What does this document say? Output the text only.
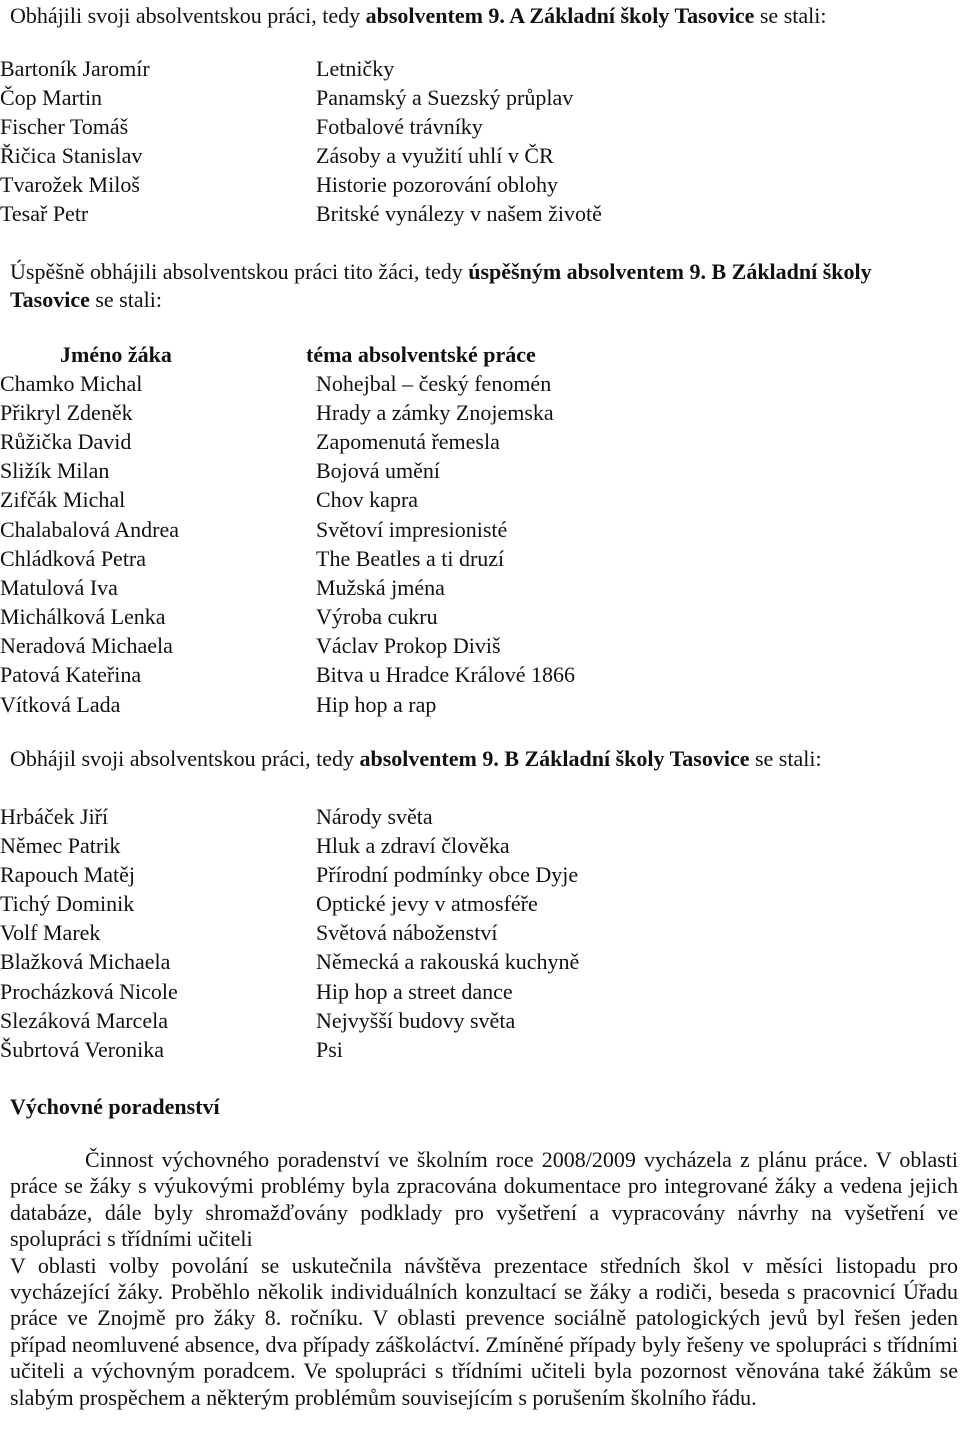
Obhájili svoji absolventskou práci, tedy absolventem 9. A Základní školy Tasovice se stali:
Bartoník Jaromír	Letničky
Čop Martin	Panamský a Suezský průplav
Fischer Tomáš	Fotbalové trávníky
Řičica Stanislav	Zásoby a využití uhlí v ČR
Tvarožek Miloš	Historie pozorování oblohy
Tesař Petr	Britské vynálezy v našem životě
Úspěšně obhájili absolventskou práci tito žáci, tedy úspěšným absolventem 9. B Základní školy
Tasovice se stali:
Jméno žáka	téma absolventské práce
Chamko Michal	Nohejbal – český fenomén
Přikryl Zdeněk	Hrady a zámky Znojemska
Růžička David	Zapomenutá řemesla
Sližík Milan	Bojová umění
Zifčák Michal	Chov kapra
Chalabalová Andrea	Světoví impresionisté
Chládková Petra	The Beatles a ti druzí
Matulová Iva	Mužská jména
Michálková Lenka	Výroba cukru
Neradová Michaela	Václav Prokop Diviš
Patová Kateřina	Bitva u Hradce Králové 1866
Vítková Lada	Hip hop a rap
Obhájil svoji absolventskou práci, tedy absolventem 9. B Základní školy Tasovice se stali:
Hrbáček Jiří	Národy světa
Němec Patrik	Hluk a zdraví člověka
Rapouch Matěj	Přírodní podmínky obce Dyje
Tichý Dominik	Optické jevy v atmosféře
Volf Marek	Světová náboženství
Blažková Michaela	Německá a rakouská kuchyně
Procházková Nicole	Hip hop a street dance
Slezáková Marcela	Nejvyšší budovy světa
Šubrtová Veronika	Psi
Výchovné poradenství

Činnost výchovného poradenství ve školním roce 2008/2009 vycházela z plánu práce. V oblasti práce se žáky s výukovými problémy byla zpracována dokumentace pro integrované žáky a vedena jejich databáze, dále byly shromažďovány podklady pro vyšetření a vypracovány návrhy na vyšetření ve spolupráci s třídními učiteli

V oblasti volby povolání se uskutečnila návštěva prezentace středních škol v měsíci listopadu pro vycházející žáky. Proběhlo několik individuálních konzultací se žáky a rodiči, beseda s pracovnicí Úřadu práce ve Znojmě pro žáky 8. ročníku. V oblasti prevence sociálně patologických jevů byl řešen jeden případ neomluvené absence, dva případy záškoláctví. Zmíněné případy byly řešeny ve spolupráci s třídními učiteli a výchovným poradcem. Ve spolupráci s třídními učiteli byla pozornost věnována také žákům se slabým prospěchem a některým problémům souvisejícím s porušením školního řádu.
